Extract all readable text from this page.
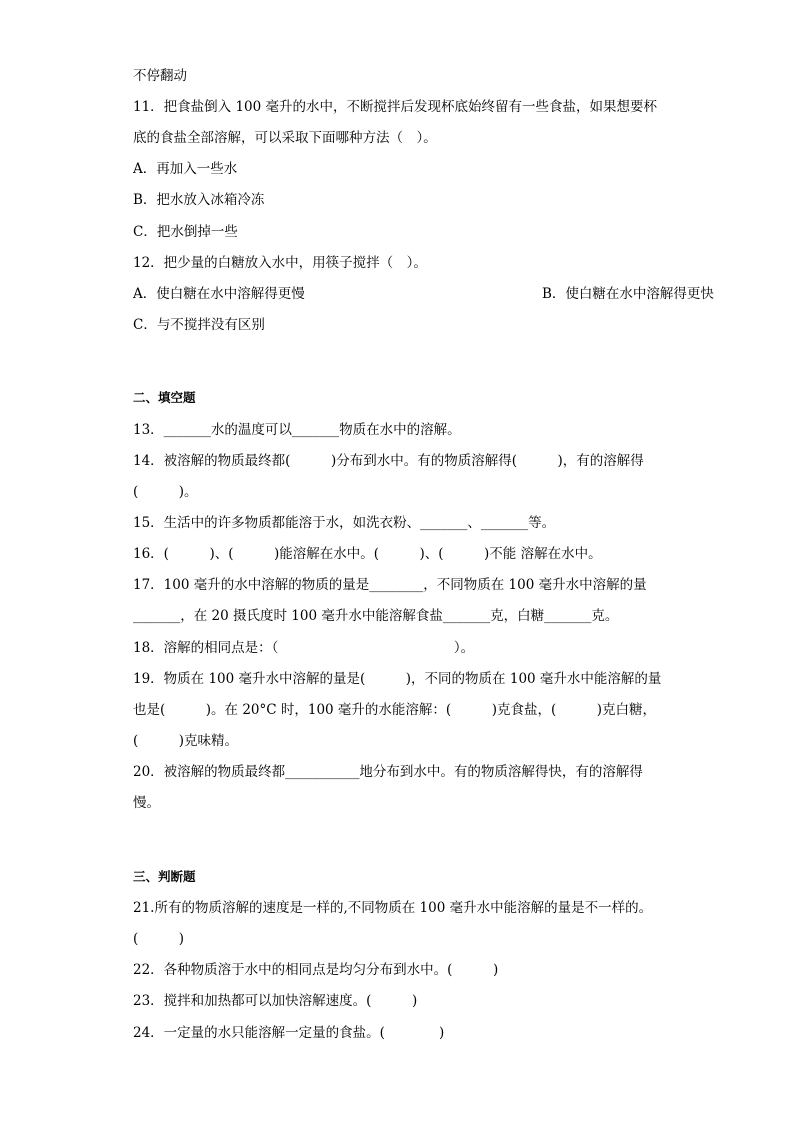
不停翻动
11．把食盐倒入 100 毫升的水中，不断搅拌后发现杯底始终留有一些食盐，如果想要杯
底的食盐全部溶解，可以采取下面哪种方法（　）。
A．再加入一些水
B．把水放入冰箱冷冻
C．把水倒掉一些
12．把少量的白糖放入水中，用筷子搅拌（　）。
A．使白糖在水中溶解得更慢	B．使白糖在水中溶解得更快
C．与不搅拌没有区别
二、填空题
13．_______水的温度可以_______物质在水中的溶解。
14．被溶解的物质最终都(　　　)分布到水中。有的物质溶解得(　　　)，有的溶解得
(　　　)。
15．生活中的许多物质都能溶于水，如洗衣粉、_______、_______等。
16．(　　　)、(　　　)能溶解在水中。(　　　)、(　　　)不能 溶解在水中。
17．100 毫升的水中溶解的物质的量是________，不同物质在 100 毫升水中溶解的量
_______，在 20 摄氏度时 100 毫升水中能溶解食盐_______克，白糖_______克。
18．溶解的相同点是：（　　　　　　　　　　　　　）。
19．物质在 100 毫升水中溶解的量是(　　　)，不同的物质在 100 毫升水中能溶解的量
也是(　　　)。在 20°C 时，100 毫升的水能溶解：(　　　)克食盐，(　　　)克白糖，
(　　　)克味精。
20．被溶解的物质最终都___________地分布到水中。有的物质溶解得快，有的溶解得
慢。
三、判断题
21.所有的物质溶解的速度是一样的,不同物质在 100 毫升水中能溶解的量是不一样的。
(　　　)
22．各种物质溶于水中的相同点是均匀分布到水中。(　　　)
23．搅拌和加热都可以加快溶解速度。(　　　)
24．一定量的水只能溶解一定量的食盐。(　　　　)
